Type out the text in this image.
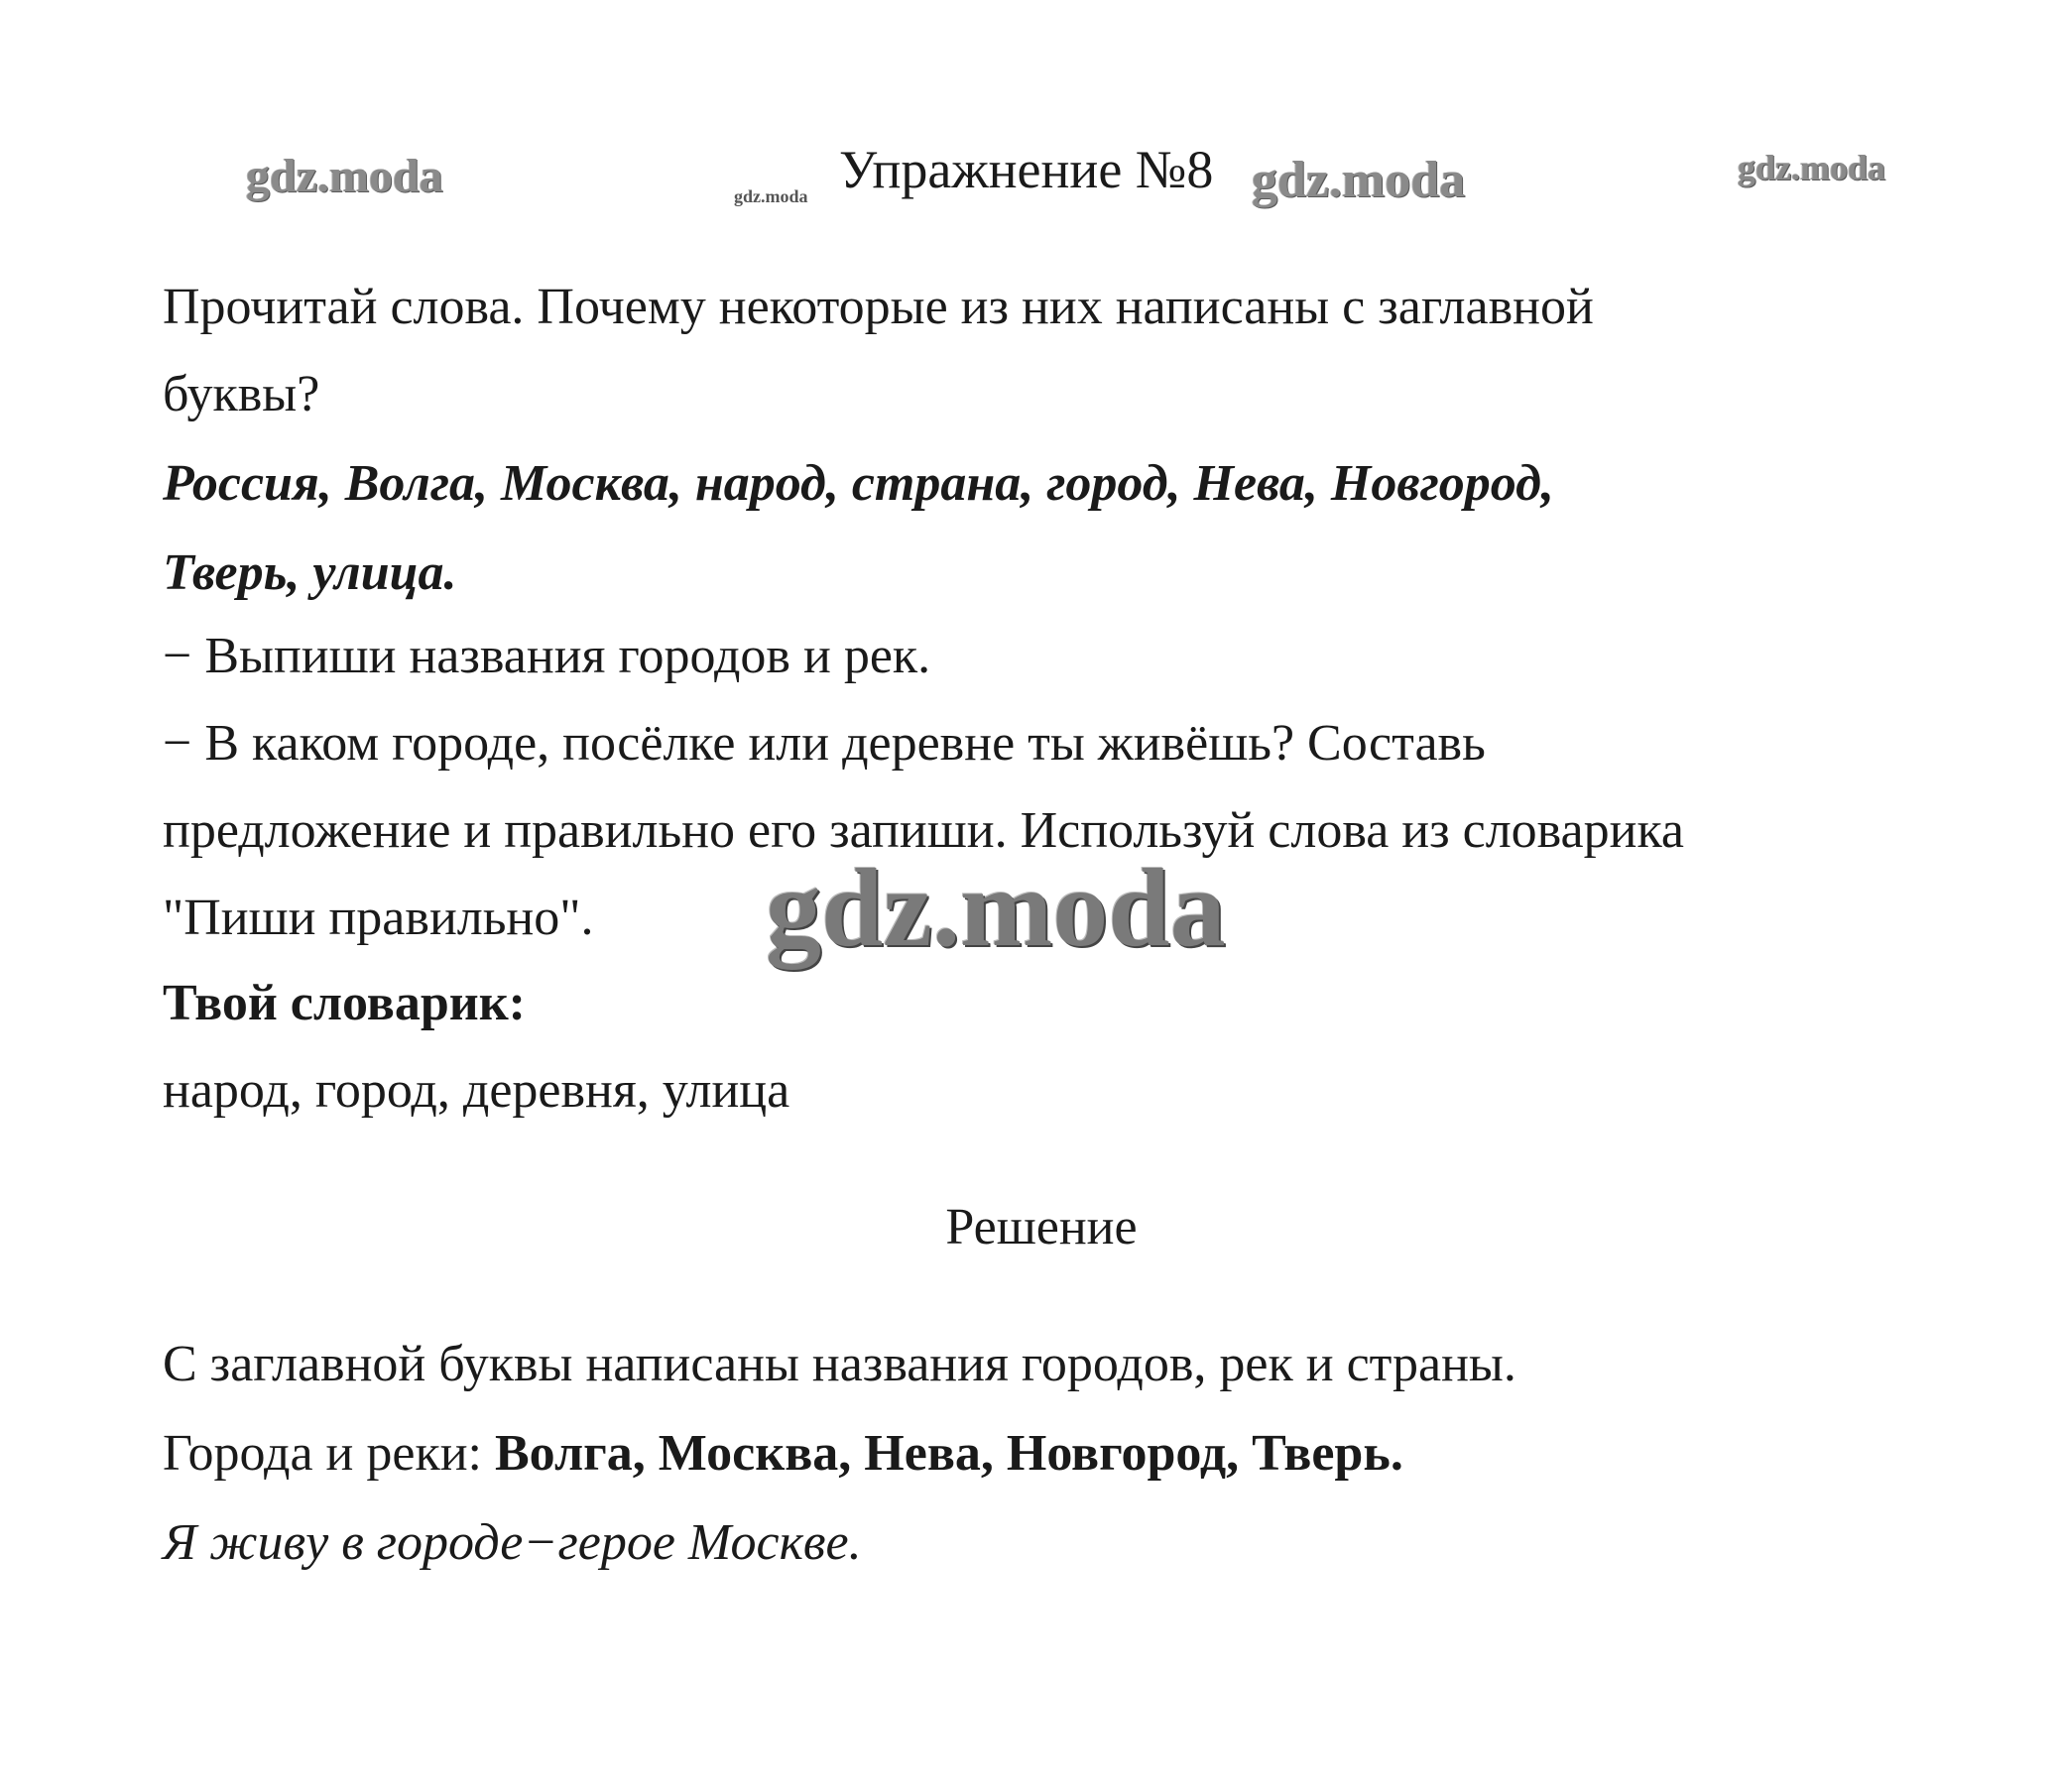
gdz.moda	gdz.moda Упражнение №8 gdz.moda	gdz.moda
Прочитай слова. Почему некоторые из них написаны с заглавной
буквы?
Россия, Волга, Москва, народ, страна, город, Нева, Новгород,
Тверь, улица.
− Выпиши названия городов и рек.
− В каком городе, посёлке или деревне ты живёшь? Составь
предложение и правильно его запиши. Используй слова из словарика
"Пиши правильно". gdz.moda
Твой словарик:
народ, город, деревня, улица
Решение
С заглавной буквы написаны названия городов, рек и страны.
Города и реки: Волга, Москва, Нева, Новгород, Тверь.
Я живу в городе−герое Москве.
